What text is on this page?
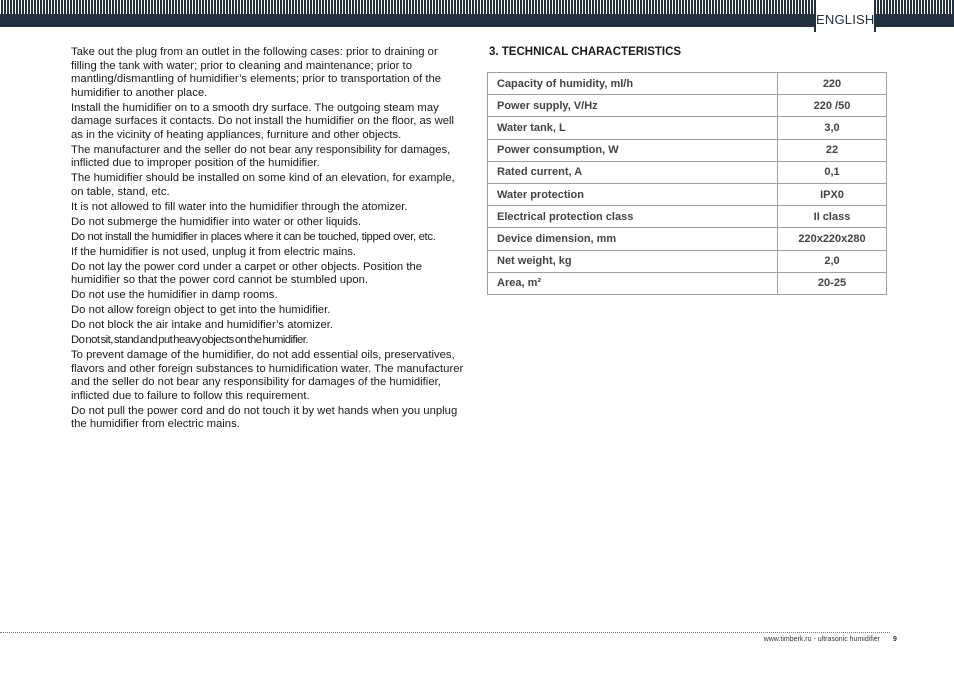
ENGLISH

Take out the plug from an outlet in the following cases: prior to draining or filling the tank with water; prior to cleaning and maintenance; prior to mantling/dismantling of humidifier’s elements; prior to transportation of the humidifier to another place.

Install the humidifier on to a smooth dry surface. The outgoing steam may damage surfaces it contacts. Do not install the humidifier on the floor, as well as in the vicinity of heating appliances, furniture and other objects.

The manufacturer and the seller do not bear any responsibility for damages, inflicted due to improper position of the humidifier.

The humidifier should be installed on some kind of an elevation, for example, on table, stand, etc.

It is not allowed to fill water into the humidifier through the atomizer.

Do not submerge the humidifier into water or other liquids.

Do not install the humidifier in places where it can be touched, tipped over, etc.

If the humidifier is not used, unplug it from electric mains.

Do not lay the power cord under a carpet or other objects. Position the humidifier so that the power cord cannot be stumbled upon.

Do not use the humidifier in damp rooms.

Do not allow foreign object to get into the humidifier.

Do not block the air intake and humidifier’s atomizer.

Do not sit, stand and put heavy objects on the humidifier.

To prevent damage of the humidifier, do not add essential oils, preservatives, flavors and other foreign substances to humidification water. The manufacturer and the seller do not bear any responsibility for damages of the humidifier, inflicted due to failure to follow this requirement.

Do not pull the power cord and do not touch it by wet hands when you unplug the humidifier from electric mains.

3. TECHNICAL CHARACTERISTICS
Capacity of humidity, ml/h	220
Power supply, V/Hz	220 /50
Water tank, L	3,0
Power consumption, W	22
Rated current, A	0,1
Water protection	IPX0
Electrical protection class	II class
Device dimension, mm	220x220x280
Net weight, kg	2,0
Area, m²	20-25
www.timberk.ru - ultrasonic humidifier 9
